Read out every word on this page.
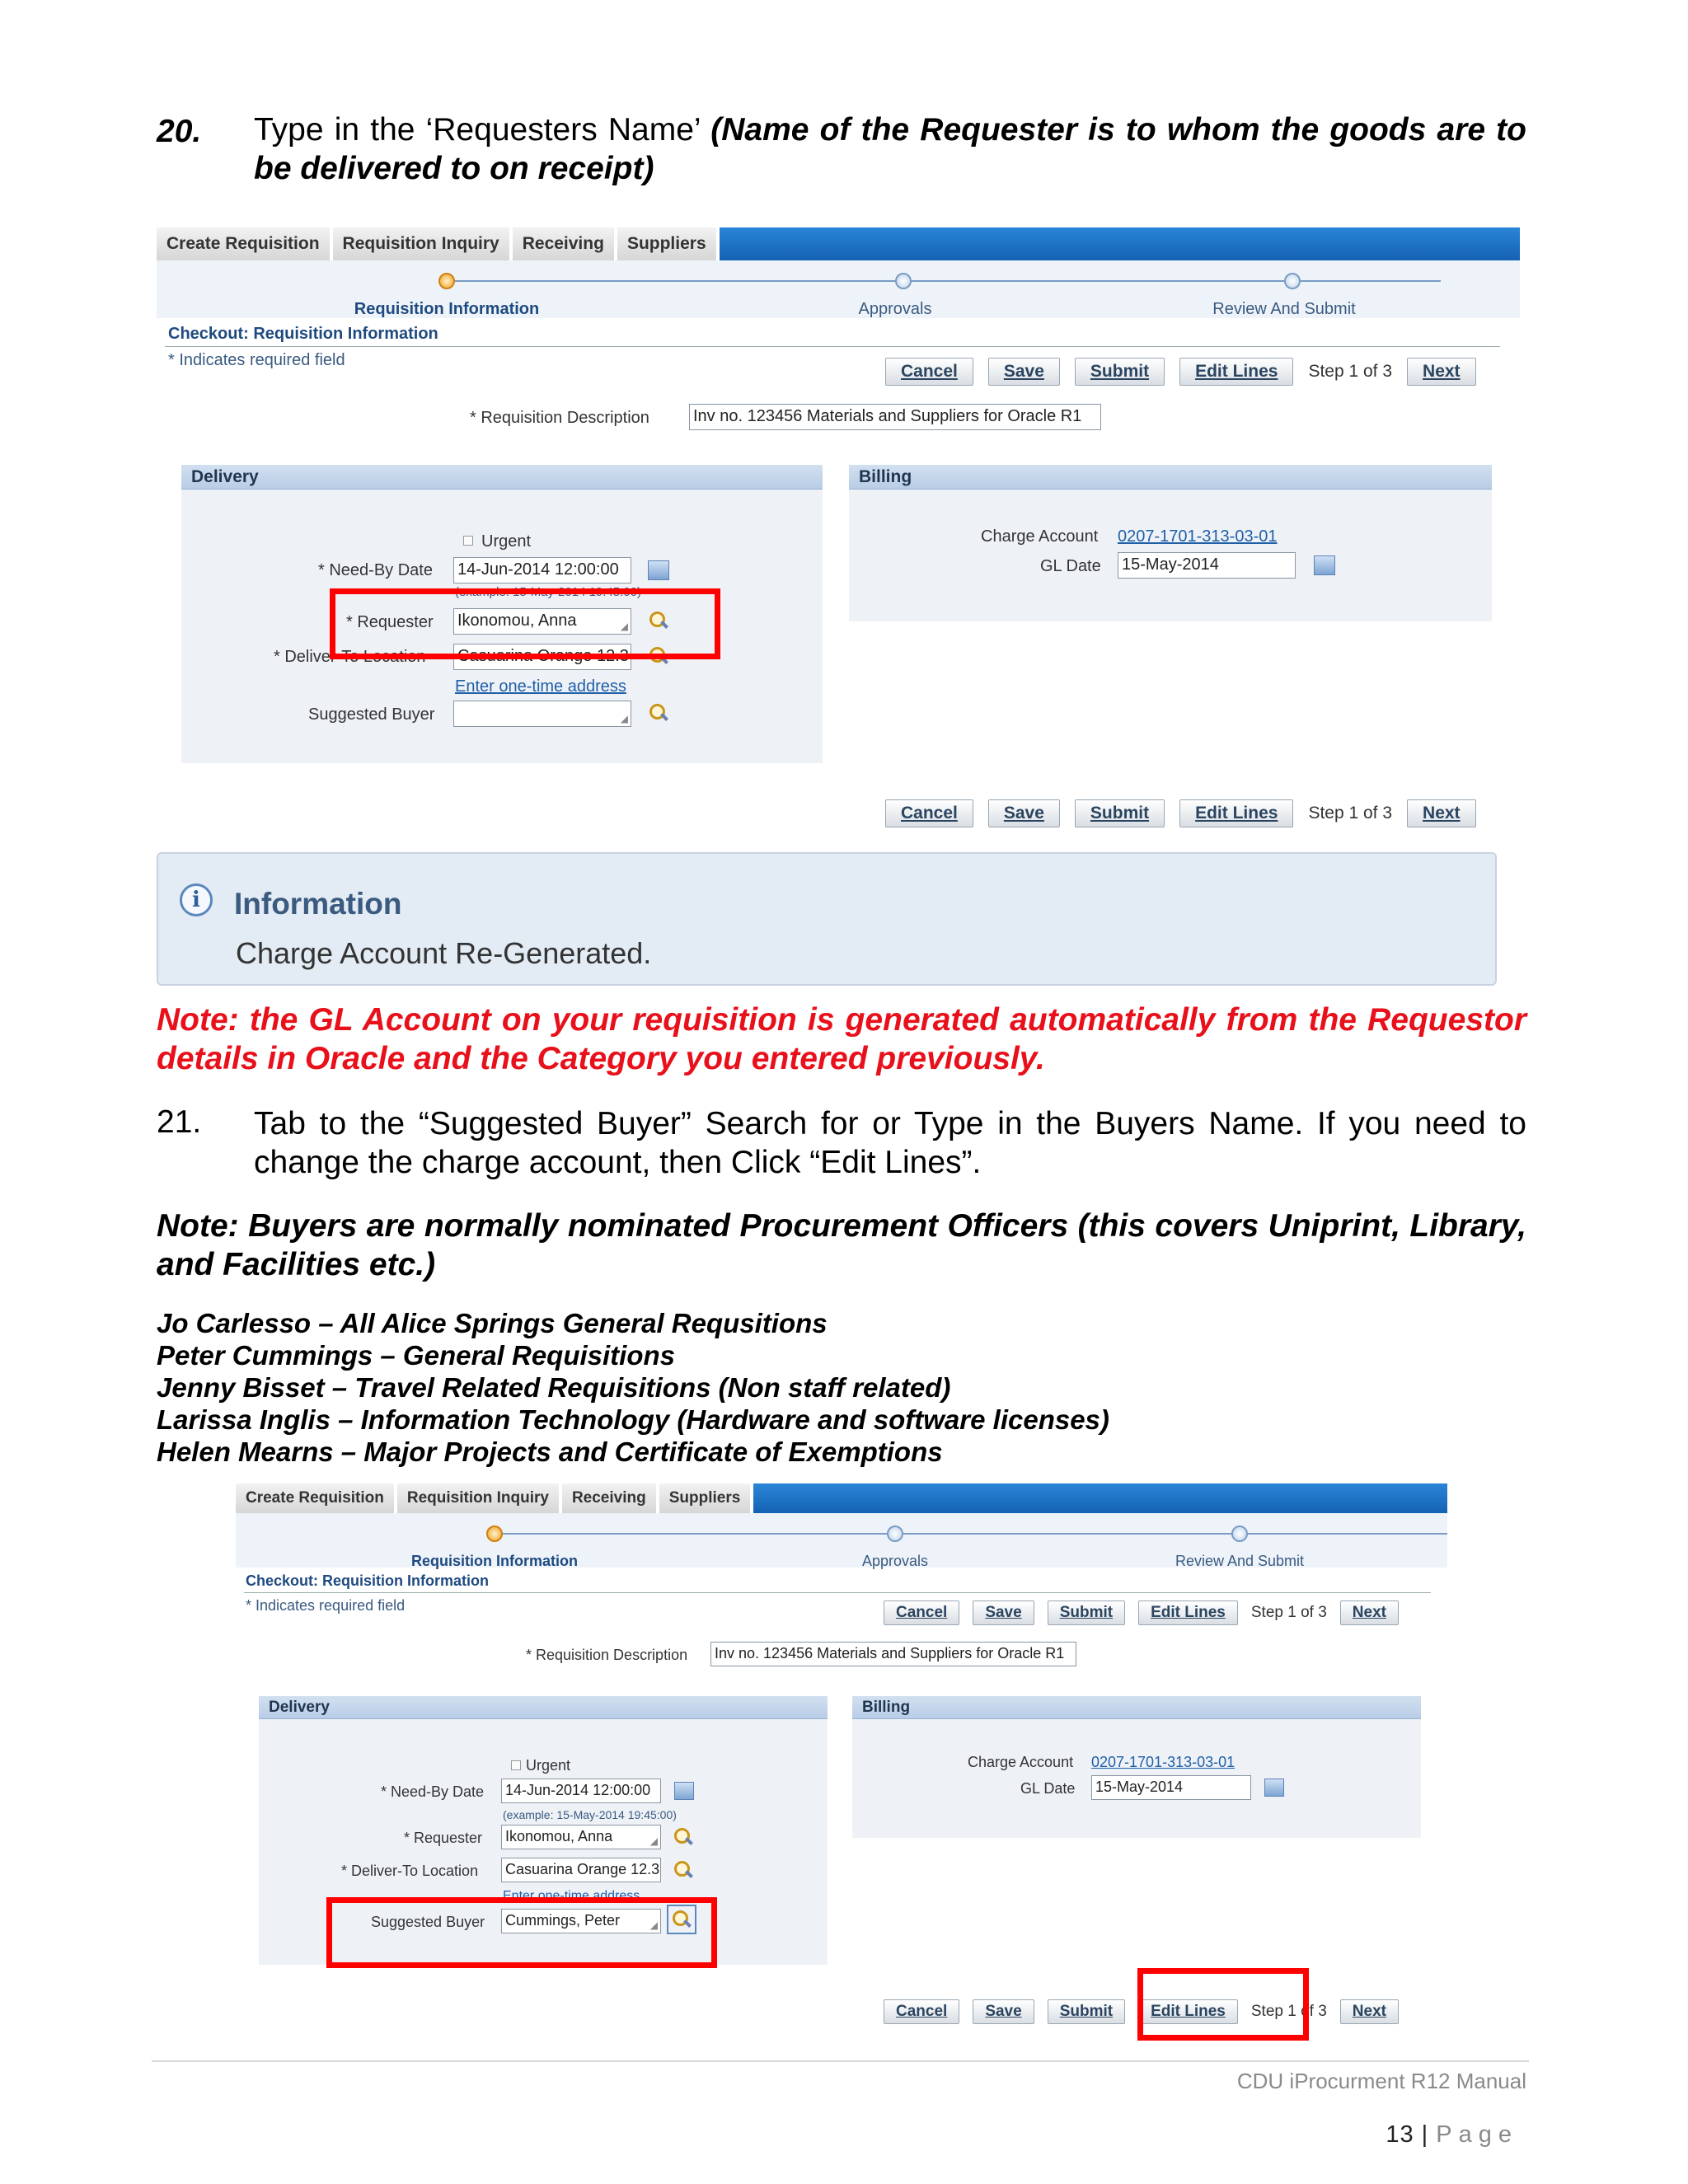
20. Type in the ‘Requesters Name’ (Name of the Requester is to whom the goods are to be delivered to on receipt)
Create Requisition	Requisition Inquiry	Receiving	Suppliers
Requisition Information	Approvals	Review And Submit
Checkout: Requisition Information
* Indicates required field
Cancel	Save	Submit	Edit Lines	Step 1 of 3	Next
* Requisition Description	Inv no. 123456 Materials and Suppliers for Oracle R1
Delivery
Urgent
* Need-By Date 14-Jun-2014 12:00:00
(example: 15-May-2014 19:45:00)
* Requester Ikonomou, Anna	◢
* Deliver-To Location Casuarina Orange 12.3
Enter one-time address
Suggested Buyer	◢
Billing
Charge Account 0207-1701-313-03-01
GL Date 15-May-2014
Cancel	Save	Submit	Edit Lines	Step 1 of 3	Next
i	Information
Charge Account Re-Generated.
Note: the GL Account on your requisition is generated automatically from the Requestor details in Oracle and the Category you entered previously.
21. Tab to the “Suggested Buyer” Search for or Type in the Buyers Name. If you need to change the charge account, then Click “Edit Lines”.
Note: Buyers are normally nominated Procurement Officers (this covers Uniprint, Library, and Facilities etc.)
Jo Carlesso – All Alice Springs General Requsitions
Peter Cummings – General Requisitions
Jenny Bisset – Travel Related Requisitions (Non staff related)
Larissa Inglis – Information Technology (Hardware and software licenses)
Helen Mearns – Major Projects and Certificate of Exemptions
Create Requisition	Requisition Inquiry	Receiving	Suppliers
Requisition Information	Approvals	Review And Submit
Checkout: Requisition Information
* Indicates required field	Cancel	Save	Submit	Edit Lines	Step 1 of 3	Next
* Requisition Description Inv no. 123456 Materials and Suppliers for Oracle R1
Delivery
Urgent
* Need-By Date 14-Jun-2014 12:00:00
(example: 15-May-2014 19:45:00)
* Requester Ikonomou, Anna	◢
* Deliver-To Location Casuarina Orange 12.3
Enter one-time address
Suggested Buyer Cummings, Peter	◢
Billing
Charge Account 0207-1701-313-03-01
GL Date 15-May-2014
Cancel	Save	Submit	Edit Lines	Step 1 of 3	Next
CDU iProcurment R12 Manual
13 | Page
